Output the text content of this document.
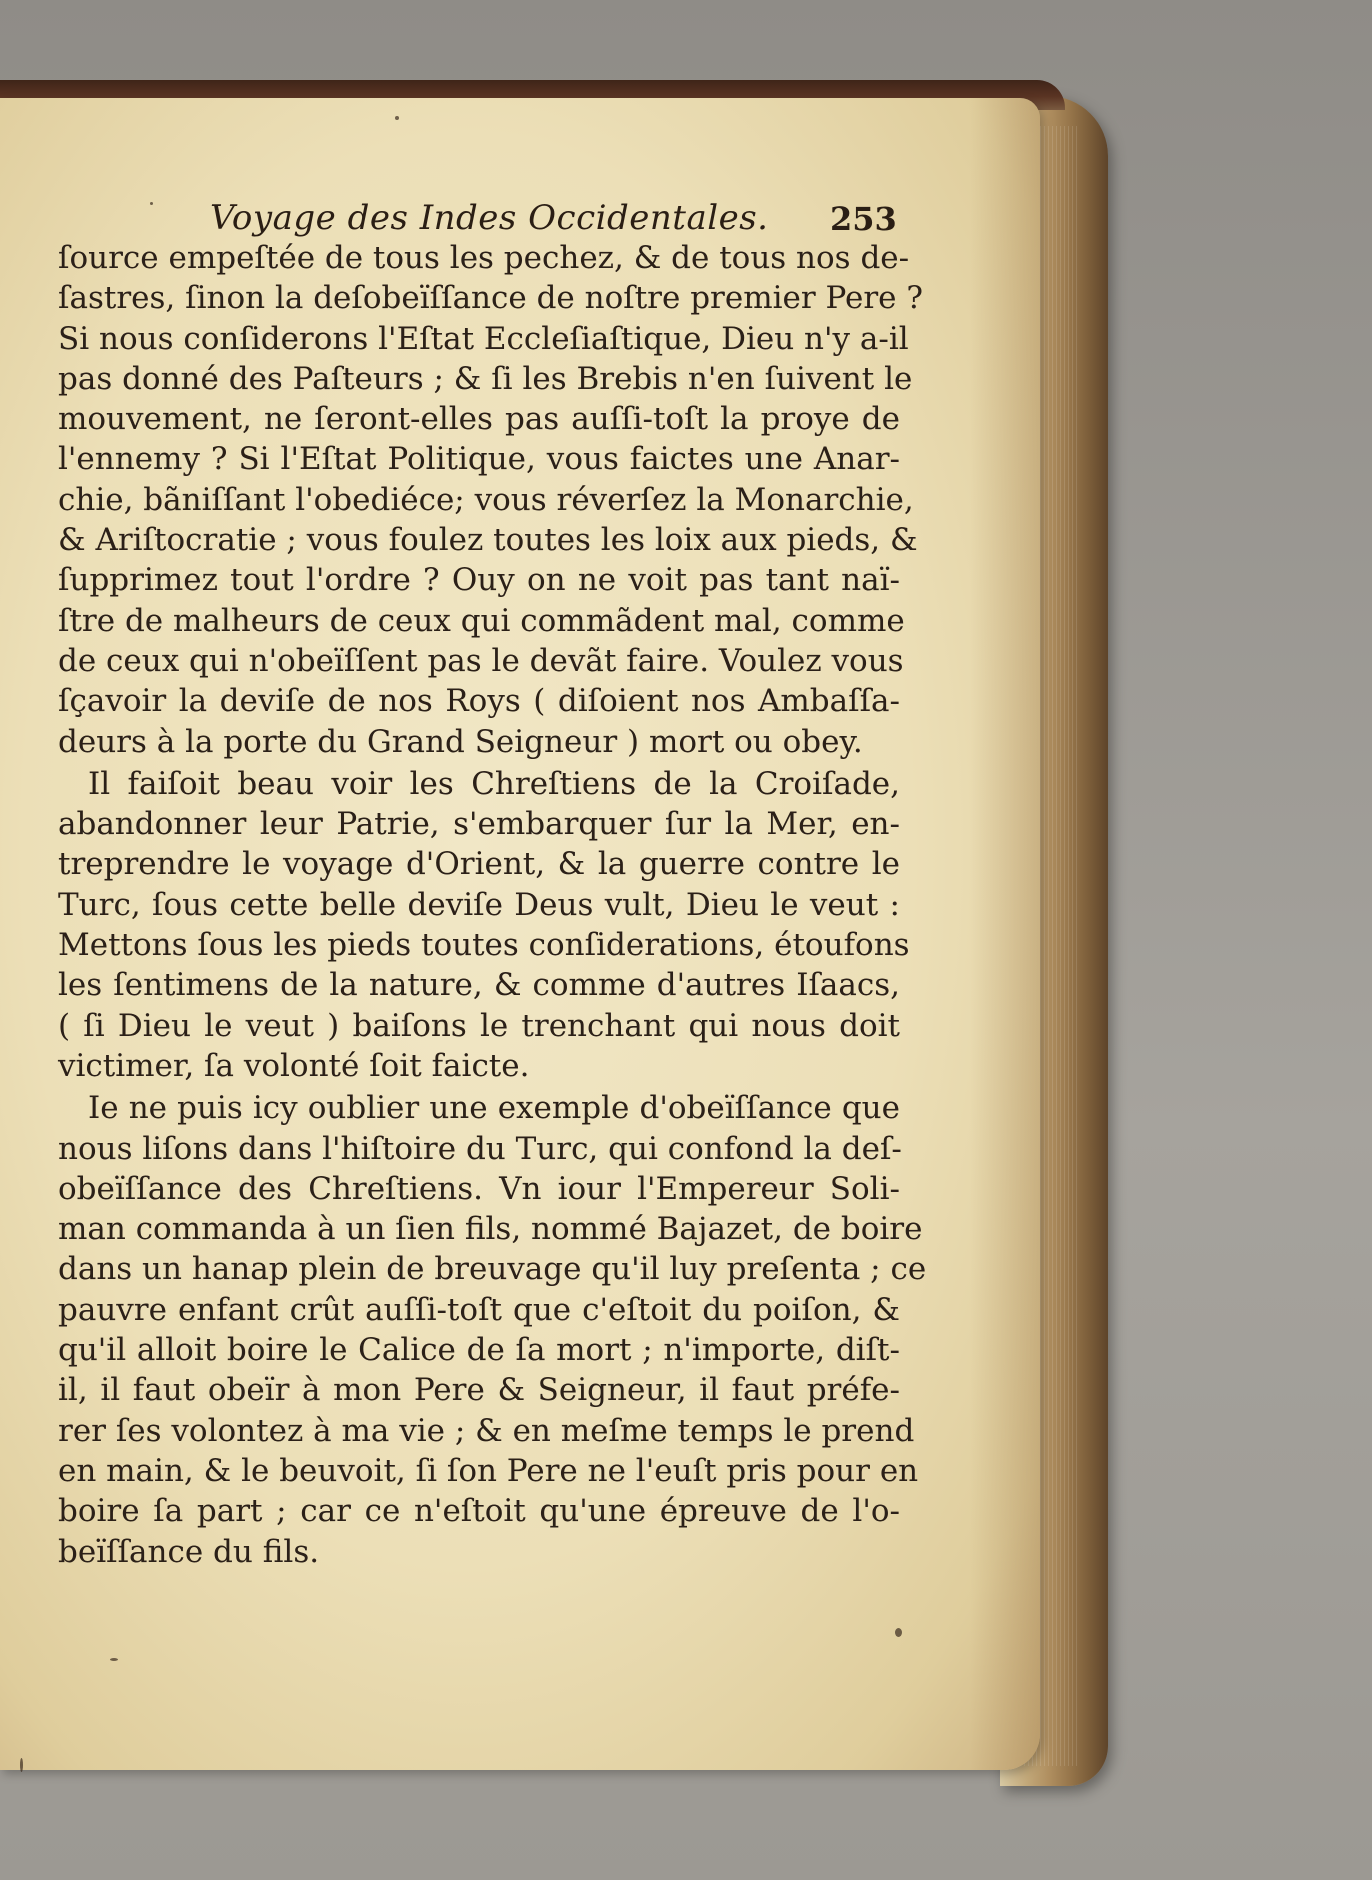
Voyage des Indes Occidentales. 253
ſource empeſtée de tous les pechez, & de tous nos de-
ſastres, ſinon la deſobeïſſance de noſtre premier Pere ?
Si nous conſiderons l'Eſtat Eccleſiaſtique, Dieu n'y a-il
pas donné des Paſteurs ; & ſi les Brebis n'en ſuivent le
mouvement, ne ſeront-elles pas auſſi-toſt la proye de
l'ennemy ? Si l'Eſtat Politique, vous faictes une Anar-
chie, bãniſſant l'obediéce; vous réverſez la Monarchie,
& Ariſtocratie ; vous foulez toutes les loix aux pieds, &
ſupprimez tout l'ordre ? Ouy on ne voit pas tant naï-
ſtre de malheurs de ceux qui commãdent mal, comme
de ceux qui n'obeïſſent pas le devãt faire. Voulez vous
ſçavoir la deviſe de nos Roys ( diſoient nos Ambaſſa-
deurs à la porte du Grand Seigneur ) mort ou obey.
Il faiſoit beau voir les Chreſtiens de la Croiſade,
abandonner leur Patrie, s'embarquer ſur la Mer, en-
treprendre le voyage d'Orient, & la guerre contre le
Turc, ſous cette belle deviſe Deus vult, Dieu le veut :
Mettons ſous les pieds toutes conſiderations, étoufons
les ſentimens de la nature, & comme d'autres Iſaacs,
( ſi Dieu le veut ) baiſons le trenchant qui nous doit
victimer, ſa volonté ſoit faicte.
Ie ne puis icy oublier une exemple d'obeïſſance que
nous liſons dans l'hiſtoire du Turc, qui confond la deſ-
obeïſſance des Chreſtiens. Vn iour l'Empereur Soli-
man commanda à un ſien fils, nommé Bajazet, de boire
dans un hanap plein de breuvage qu'il luy preſenta ; ce
pauvre enfant crût auſſi-toſt que c'eſtoit du poiſon, &
qu'il alloit boire le Calice de ſa mort ; n'importe, diſt-
il, il faut obeïr à mon Pere & Seigneur, il faut préfe-
rer ſes volontez à ma vie ; & en meſme temps le prend
en main, & le beuvoit, ſi ſon Pere ne l'euſt pris pour en
boire ſa part ; car ce n'eſtoit qu'une épreuve de l'o-
beïſſance du fils.
